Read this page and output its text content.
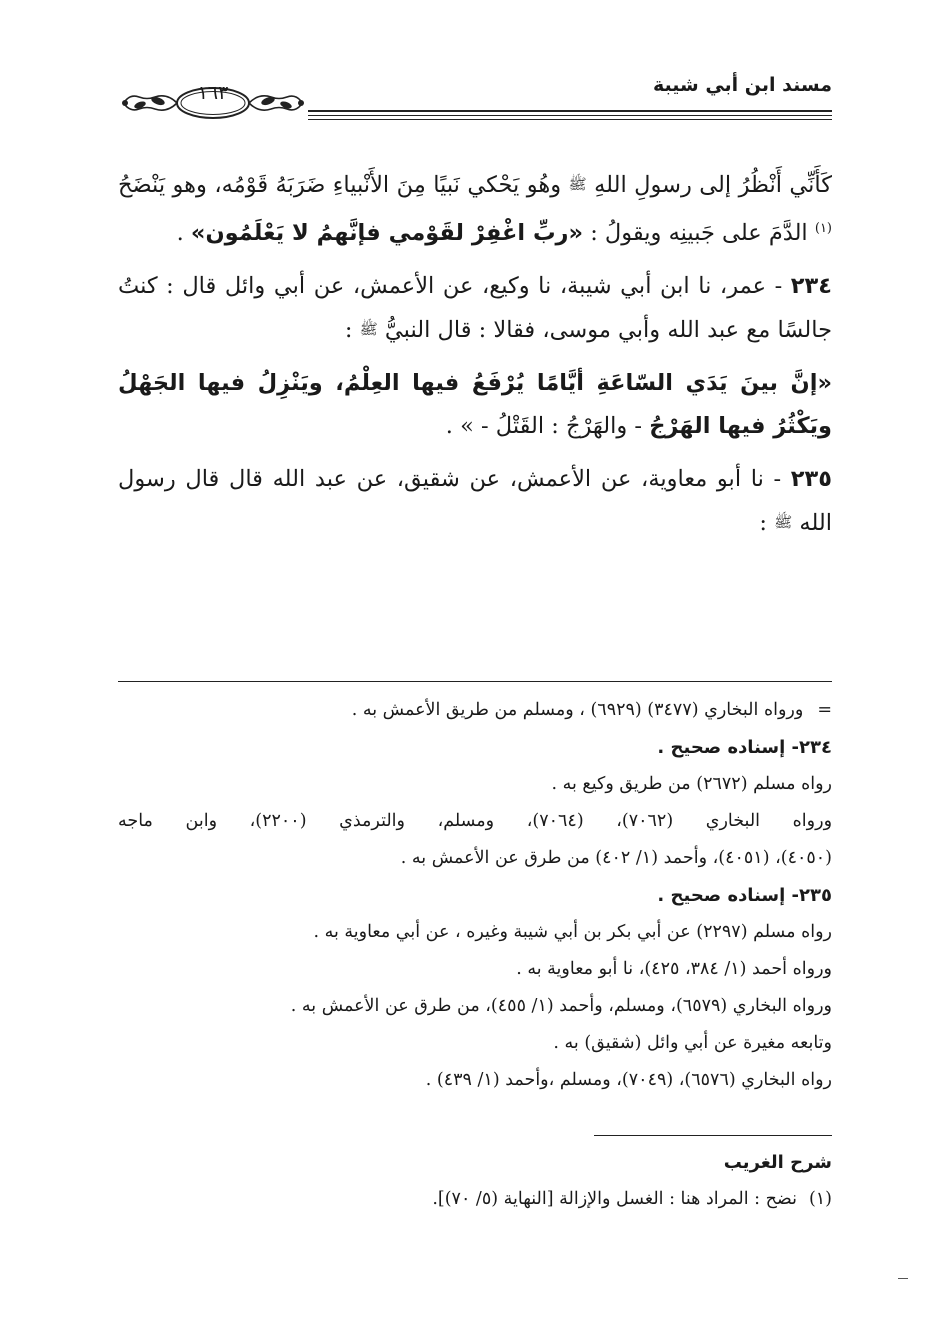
مسند ابن أبي شيبة
١٦٣

كَأَنِّي أَنْظُرُ إلى رسولِ اللهِ ﷺ وهُو يَحْكي نَبيًا مِنَ الأَنْبياءِ ضَرَبَهُ قَوْمُه، وهو يَنْضَحُ $^{(١)}$ الدَّمَ على جَبينِه ويقولُ : «ربِّ اغْفِرْ لقَوْمي فإنَّهمُ لا يَعْلَمُون» .

٢٣٤ - عمر، نا ابن أبي شيبة، نا وكيع، عن الأعمش، عن أبي وائل قال : كنتُ جالسًا مع عبد الله وأبي موسى، فقالا : قال النبيُّ ﷺ :

«إنَّ بينَ يَدَي السّاعَةِ أيَّامًا يُرْفَعُ فيها العِلْمُ، ويَنْزِلُ فيها الجَهْلُ ويَكْثُرُ فيها الهَرْجُ - والهَرْجُ : القَتْلُ - » .

٢٣٥ - نا أبو معاوية، عن الأعمش، عن شقيق، عن عبد الله قال قال رسول الله ﷺ :

=ورواه البخاري (٣٤٧٧) (٦٩٢٩) ، ومسلم من طريق الأعمش به .
٢٣٤- إسناده صحيح .
رواه مسلم (٢٦٧٢) من طريق وكيع به .
ورواه البخاري (٧٠٦٢)، (٧٠٦٤)، ومسلم، والترمذي (٢٢٠٠)، وابن ماجه
(٤٠٥٠)، (٤٠٥١)، وأحمد (١/ ٤٠٢) من طرق عن الأعمش به .
٢٣٥- إسناده صحيح .
رواه مسلم (٢٢٩٧) عن أبي بكر بن أبي شيبة وغيره ، عن أبي معاوية به .
ورواه أحمد (١/ ٣٨٤، ٤٢٥)، نا أبو معاوية به .
ورواه البخاري (٦٥٧٩)، ومسلم، وأحمد (١/ ٤٥٥)، من طرق عن الأعمش به .
وتابعه مغيرة عن أبي وائل (شقيق) به .
رواه البخاري (٦٥٧٦)، (٧٠٤٩)، ومسلم ،وأحمد (١/ ٤٣٩) .
شرح الغريب
(١)نضح : المراد هنا : الغسل والإزالة [النهاية (٥/ ٧٠)].
